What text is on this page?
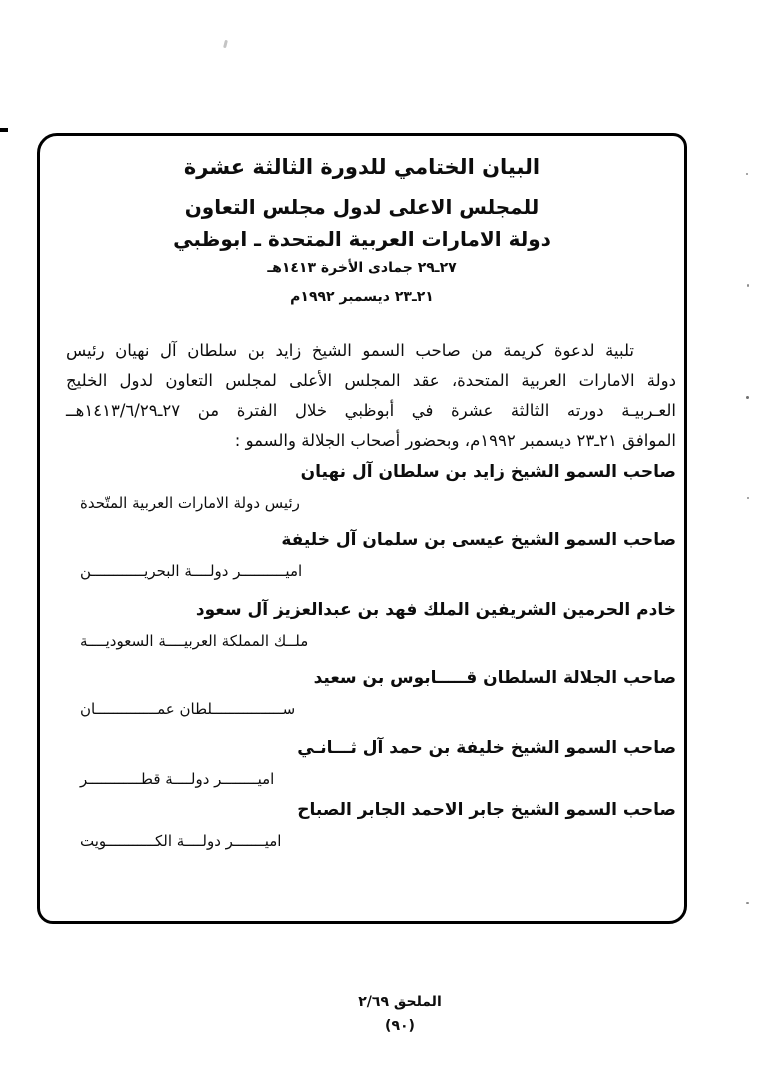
البيان الختامي للدورة الثالثة عشرة
للمجلس الاعلى لدول مجلس التعاون
دولة الامارات العربية المتحدة ـ ابوظبي
٢٧ـ٢٩ جمادى الأخرة ١٤١٣هـ
٢١ـ٢٣ ديسمبر ١٩٩٢م
تلبية لدعوة كريمة من صاحب السمو الشيخ زايد بن سلطان آل نهيان رئيس
دولة الامارات العربية المتحدة، عقد المجلس الأعلى لمجلس التعاون لدول الخليج
العـربيـة دورته الثالثة عشرة في أبوظبي خلال الفترة من ٢٧ـ٢٩‏/‏٦‏/‏١٤١٣هــ
الموافق ٢١ـ٢٣ ديسمبر ١٩٩٢م، وبحضور أصحاب الجلالة والسمو :
صاحب السمو الشيخ زايد بن سلطان آل نهيان
رئيس دولة الامارات العربية المتّحدة
صاحب السمو الشيخ عيسى بن سلمان آل خليفة
اميــــــــــر دولــــة البحريــــــــــــن
خادم الحرمين الشريفين الملك فهد بن عبدالعزيز آل سعود
ملــك المملكة العربيــــة السعوديــــة
صاحب الجلالة السلطان قـــــابوس بن سعيد
ســــــــــــــــلطان عمــــــــــــــان
صاحب السمو الشيخ خليفة بن حمد آل ثـــانـي
اميــــــــر دولــــة قطــــــــــــر
صاحب السمو الشيخ جابر الاحمد الجابر الصباح
اميـــــــر دولــــة الكـــــــــــويت
الملحق ٢/٦٩
(٩٠)
